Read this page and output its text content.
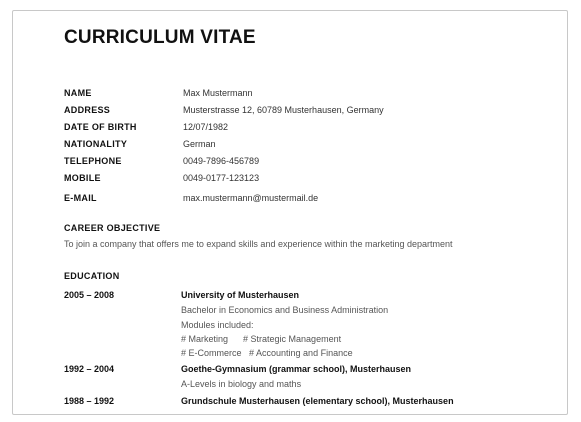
CURRICULUM VITAE
NAME	Max Mustermann
ADDRESS	Musterstrasse 12, 60789 Musterhausen, Germany
DATE OF BIRTH	12/07/1982
NATIONALITY	German
TELEPHONE	0049-7896-456789
MOBILE	0049-0177-123123
E-MAIL	max.mustermann@mustermail.de
CAREER OBJECTIVE
To join a company that offers me to expand skills and experience within the marketing department
EDUCATION
2005 – 2008	University of Musterhausen
Bachelor in Economics and Business Administration
Modules included:
# Marketing      # Strategic Management
# E-Commerce   # Accounting and Finance
1992 – 2004	Goethe-Gymnasium (grammar school), Musterhausen
A-Levels in biology and maths
1988 – 1992	Grundschule Musterhausen (elementary school), Musterhausen
